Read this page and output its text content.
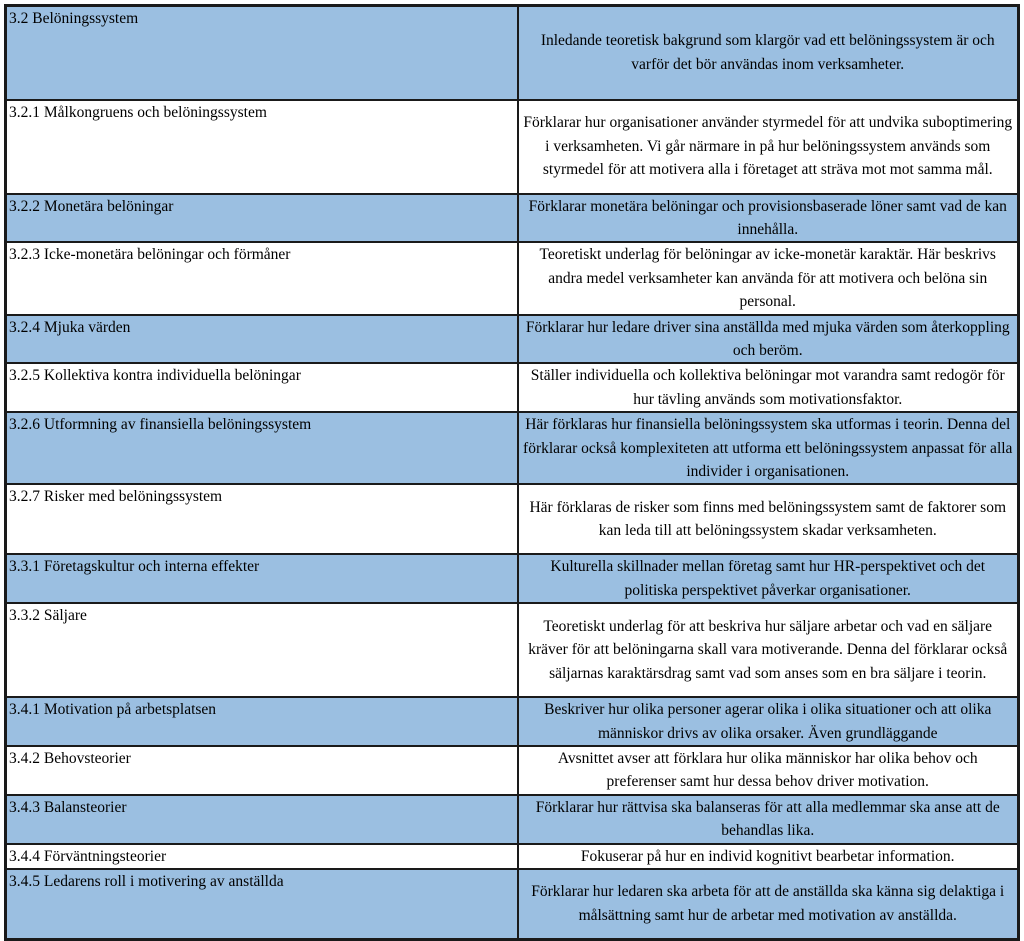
3.2 Belöningssystem	Inledande teoretisk bakgrund som klargör vad ett belöningssystem är och varför det bör användas inom verksamheter.
3.2.1 Målkongruens och belöningssystem	Förklarar hur organisationer använder styrmedel för att undvika suboptimering i verksamheten. Vi går närmare in på hur belöningssystem används som styrmedel för att motivera alla i företaget att sträva mot mot samma mål.
3.2.2 Monetära belöningar	Förklarar monetära belöningar och provisionsbaserade löner samt vad de kan innehålla.
3.2.3 Icke-monetära belöningar och förmåner	Teoretiskt underlag för belöningar av icke-monetär karaktär. Här beskrivs andra medel verksamheter kan använda för att motivera och belöna sin personal.
3.2.4 Mjuka värden	Förklarar hur ledare driver sina anställda med mjuka värden som återkoppling och beröm.
3.2.5 Kollektiva kontra individuella belöningar	Ställer individuella och kollektiva belöningar mot varandra samt redogör för hur tävling används som motivationsfaktor.
3.2.6 Utformning av finansiella belöningssystem	Här förklaras hur finansiella belöningssystem ska utformas i teorin. Denna del förklarar också komplexiteten att utforma ett belöningssystem anpassat för alla individer i organisationen.
3.2.7 Risker med belöningssystem	Här förklaras de risker som finns med belöningssystem samt de faktorer som kan leda till att belöningssystem skadar verksamheten.
3.3.1 Företagskultur och interna effekter	Kulturella skillnader mellan företag samt hur HR-perspektivet och det politiska perspektivet påverkar organisationer.
3.3.2 Säljare	Teoretiskt underlag för att beskriva hur säljare arbetar och vad en säljare kräver för att belöningarna skall vara motiverande. Denna del förklarar också säljarnas karaktärsdrag samt vad som anses som en bra säljare i teorin.
3.4.1 Motivation på arbetsplatsen	Beskriver hur olika personer agerar olika i olika situationer och att olika människor drivs av olika orsaker. Även grundläggande
3.4.2 Behovsteorier	Avsnittet avser att förklara hur olika människor har olika behov och preferenser samt hur dessa behov driver motivation.
3.4.3 Balansteorier	Förklarar hur rättvisa ska balanseras för att alla medlemmar ska anse att de behandlas lika.
3.4.4 Förväntningsteorier	Fokuserar på hur en individ kognitivt bearbetar information.
3.4.5 Ledarens roll i motivering av anställda	Förklarar hur ledaren ska arbeta för att de anställda ska känna sig delaktiga i målsättning samt hur de arbetar med motivation av anställda.
